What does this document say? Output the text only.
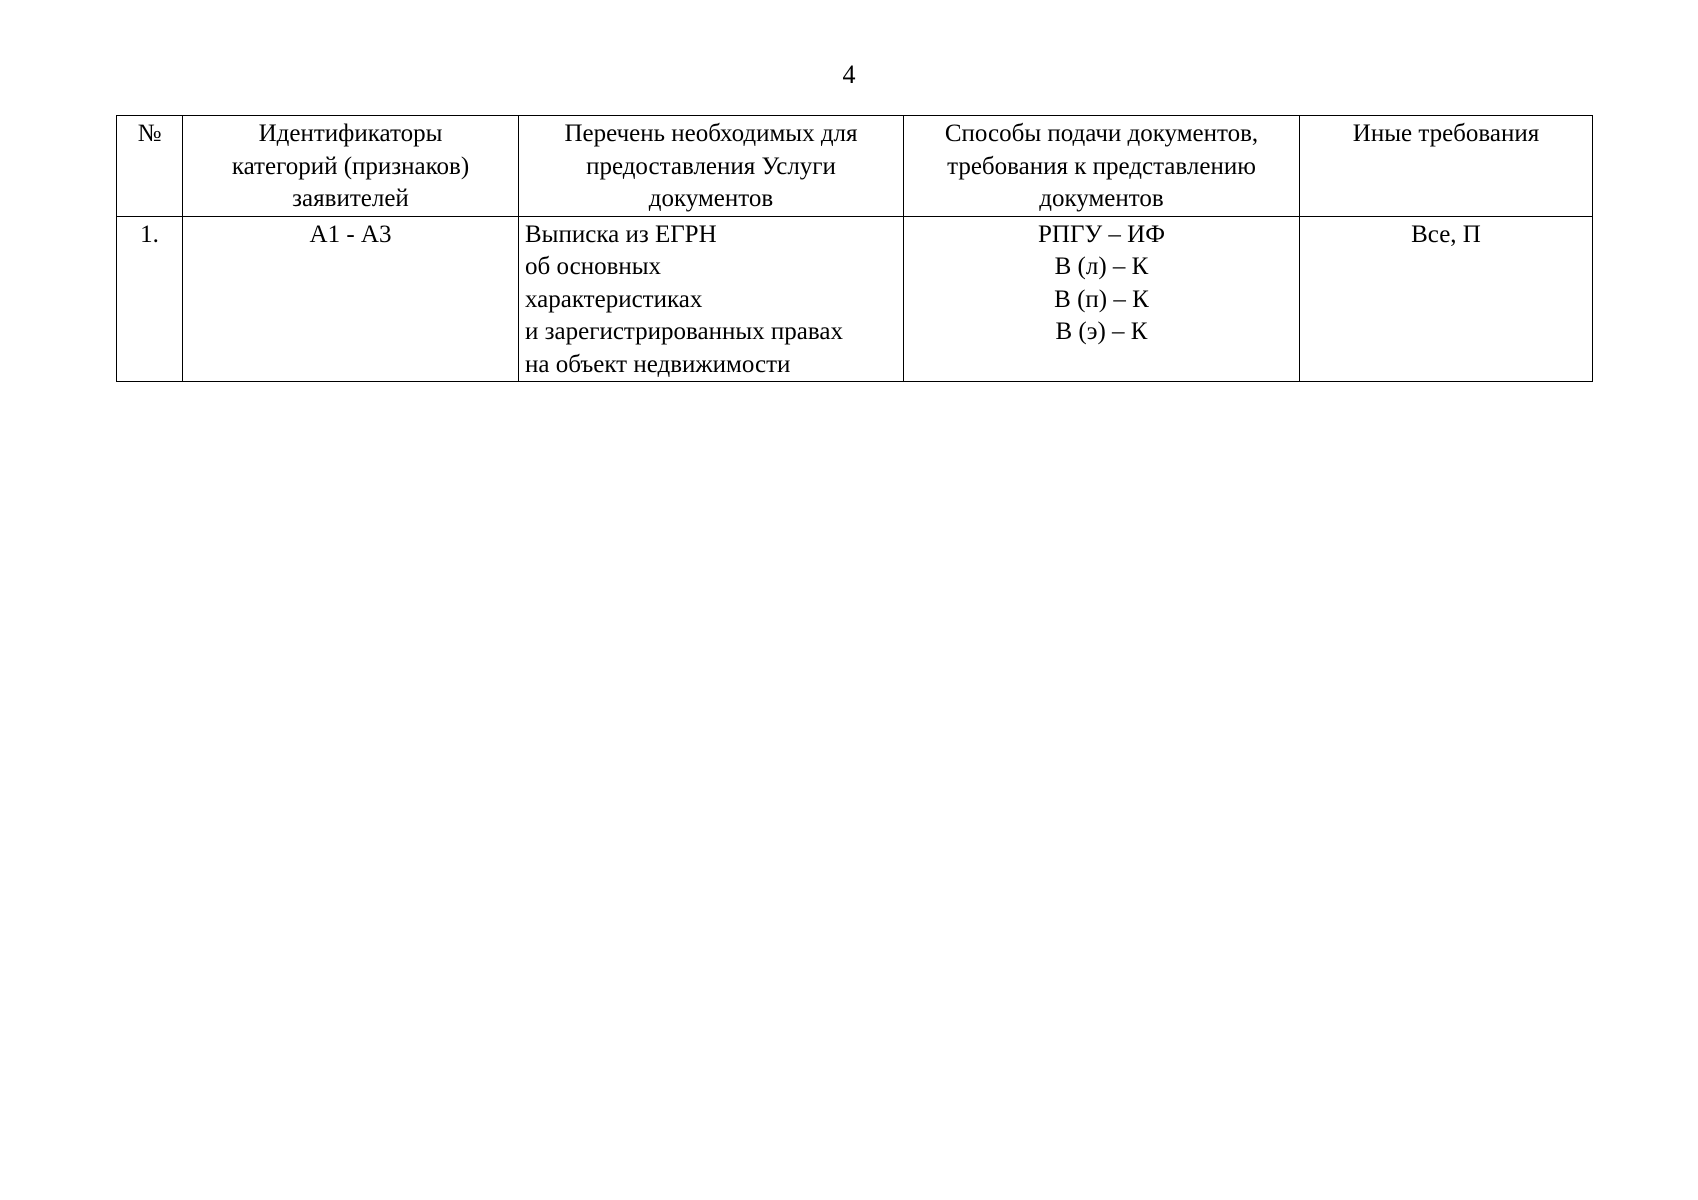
4
№	Идентификаторы
категорий (признаков)
заявителей	Перечень необходимых для
предоставления Услуги
документов	Способы подачи документов,
требования к представлению
документов	Иные требования
1.	А1 - А3	Выписка из ЕГРН
об основных
характеристиках
и зарегистрированных правах
на объект недвижимости	РПГУ – ИФ
В (л) – К
В (п) – К
В (э) – К	Все, П
